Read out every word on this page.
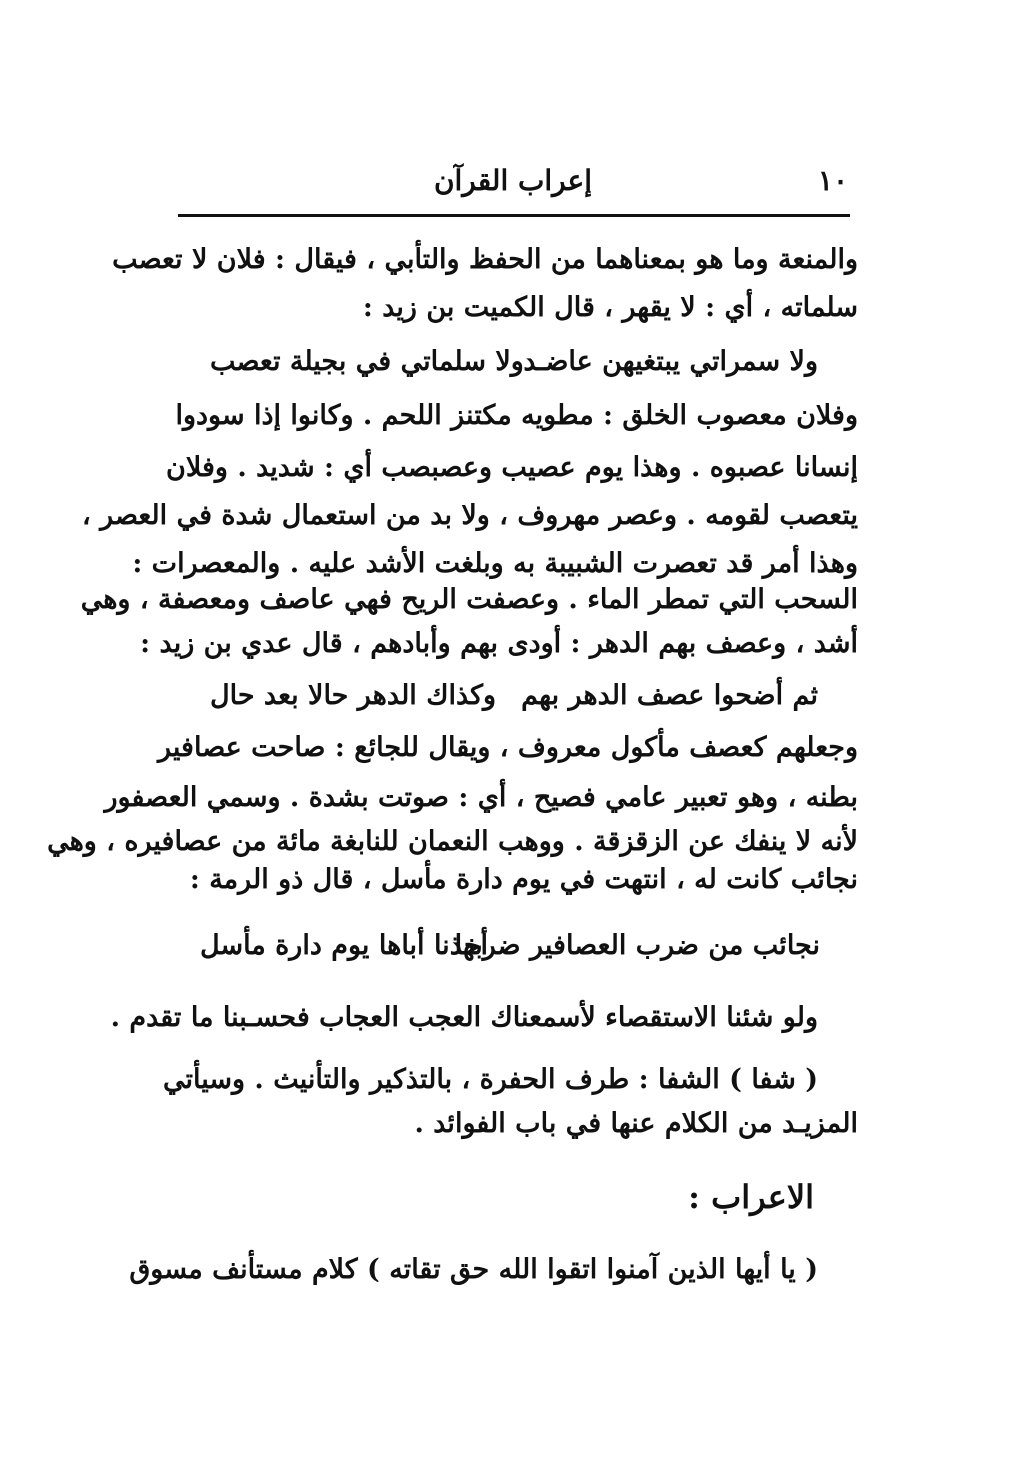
١٠
إعراب القرآن
والمنعة وما هو بمعناهما من الحفظ والتأبي ، فيقال : فلان لا تعصب
سلماته ، أي : لا يقهر ، قال الكميت بن زيد :
ولا سمراتي يبتغيهن عاضـد
ولا سلماتي في بجيلة تعصب
وفلان معصوب الخلق : مطويه مكتنز اللحم . وكانوا إذا سودوا
إنسانا عصبوه . وهذا يوم عصيب وعصبصب أي : شديد . وفلان
يتعصب لقومه . وعصر مهروف ، ولا بد من استعمال شدة في العصر ،
وهذا أمر قد تعصرت الشبيبة به وبلغت الأشد عليه . والمعصرات :
السحب التي تمطر الماء . وعصفت الريح فهي عاصف ومعصفة ، وهي
أشد ، وعصف بهم الدهر : أودى بهم وأبادهم ، قال عدي بن زيد :
ثم أضحوا عصف الدهر بهم
وكذاك الدهر حالا بعد حال
وجعلهم كعصف مأكول معروف ، ويقال للجائع : صاحت عصافير
بطنه ، وهو تعبير عامي فصيح ، أي : صوتت بشدة . وسمي العصفور
لأنه لا ينفك عن الزقزقة . ووهب النعمان للنابغة مائة من عصافيره ، وهي
نجائب كانت له ، انتهت في يوم دارة مأسل ، قال ذو الرمة :
نجائب من ضرب العصافير ضربها
أخذنا أباها يوم دارة مأسل
ولو شئنا الاستقصاء لأسمعناك العجب العجاب فحسـبنا ما تقدم .
( شفا ) الشفا : طرف الحفرة ، بالتذكير والتأنيث . وسيأتي
المزيـد من الكلام عنها في باب الفوائد .
الاعراب :
( يا أيها الذين آمنوا اتقوا الله حق تقاته ) كلام مستأنف مسوق
